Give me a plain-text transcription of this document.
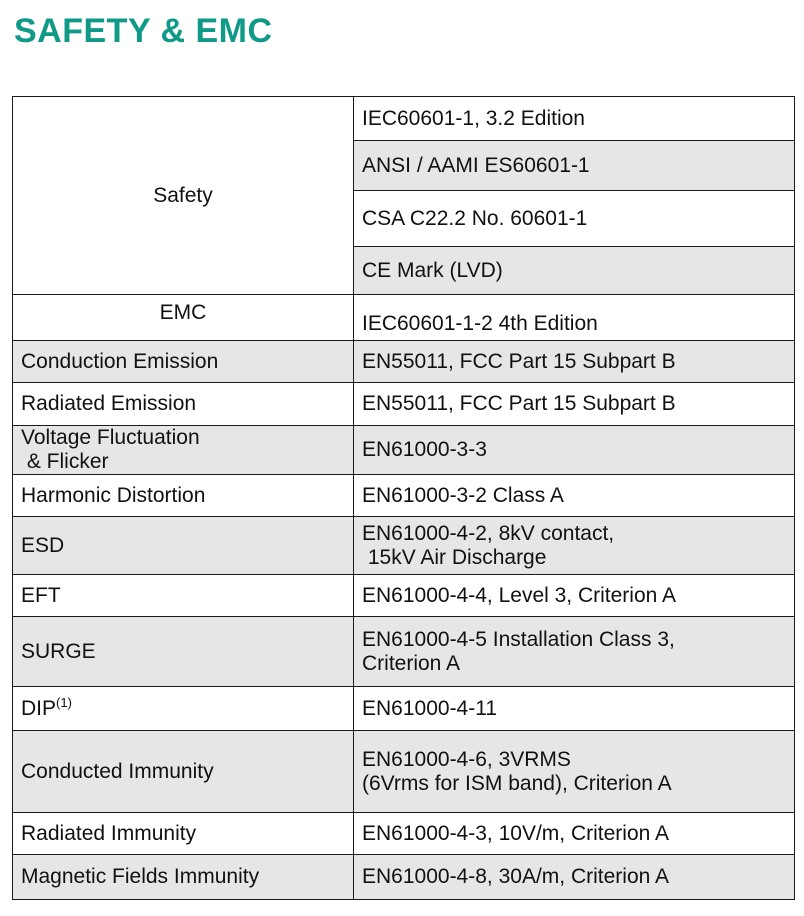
SAFETY & EMC
Safety	IEC60601-1, 3.2 Edition
	ANSI / AAMI ES60601-1
	CSA C22.2 No. 60601-1
	CE Mark (LVD)
EMC	IEC60601-1-2 4th Edition

Conduction Emission	EN55011, FCC Part 15 Subpart B

Radiated Emission	EN55011, FCC Part 15 Subpart B

Voltage Fluctuation
& Flicker	EN61000-3-3

Harmonic Distortion	EN61000-3-2 Class A

ESD	EN61000-4-2, 8kV contact,
15kV Air Discharge

EFT	EN61000-4-4, Level 3, Criterion A

SURGE	EN61000-4-5 Installation Class 3,
Criterion A

DIP$^{(1)}$	EN61000-4-11

Conducted Immunity	EN61000-4-6, 3VRMS
(6Vrms for ISM band), Criterion A

Radiated Immunity	EN61000-4-3, 10V/m, Criterion A

Magnetic Fields Immunity	EN61000-4-8, 30A/m, Criterion A
